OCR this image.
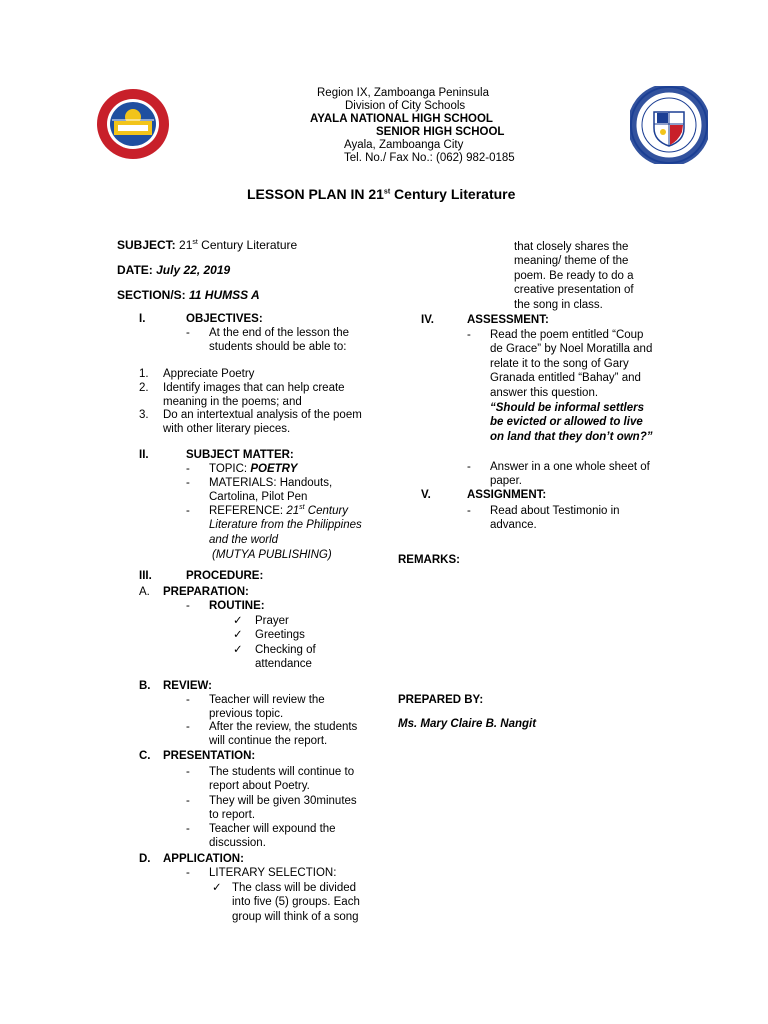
Region IX, Zamboanga Peninsula
Division of City Schools
AYALA NATIONAL HIGH SCHOOL
SENIOR HIGH SCHOOL
Ayala, Zamboanga City
Tel. No./ Fax No.: (062) 982-0185
LESSON PLAN IN 21st Century Literature
SUBJECT: 21st Century Literature
DATE: July 22, 2019
SECTION/S: 11 HUMSS A
I.	OBJECTIVES:
- At the end of the lesson the students should be able to:
1. Appreciate Poetry
2. Identify images that can help create meaning in the poems; and
3. Do an intertextual analysis of the poem with other literary pieces.
II.	SUBJECT MATTER:
- TOPIC: POETRY
- MATERIALS: Handouts, Cartolina, Pilot Pen
- REFERENCE: 21st Century Literature from the Philippines and the world
(MUTYA PUBLISHING)
III.	PROCEDURE:
A. PREPARATION:
- ROUTINE:
✓ Prayer
✓ Greetings
✓ Checking of attendance
B. REVIEW:
- Teacher will review the previous topic.
- After the review, the students will continue the report.
C. PRESENTATION:
- The students will continue to report about Poetry.
- They will be given 30minutes to report.
- Teacher will expound the discussion.
D. APPLICATION:
- LITERARY SELECTION:
✓ The class will be divided into five (5) groups. Each group will think of a song
that closely shares the meaning/ theme of the poem. Be ready to do a creative presentation of the song in class.
IV.	ASSESSMENT:
- Read the poem entitled “Coup de Grace” by Noel Moratilla and relate it to the song of Gary Granada entitled “Bahay” and answer this question.
“Should be informal settlers be evicted or allowed to live on land that they don’t own?”
- Answer in a one whole sheet of paper.
V.	ASSIGNMENT:
- Read about Testimonio in advance.
REMARKS:
PREPARED BY:
Ms. Mary Claire B. Nangit
